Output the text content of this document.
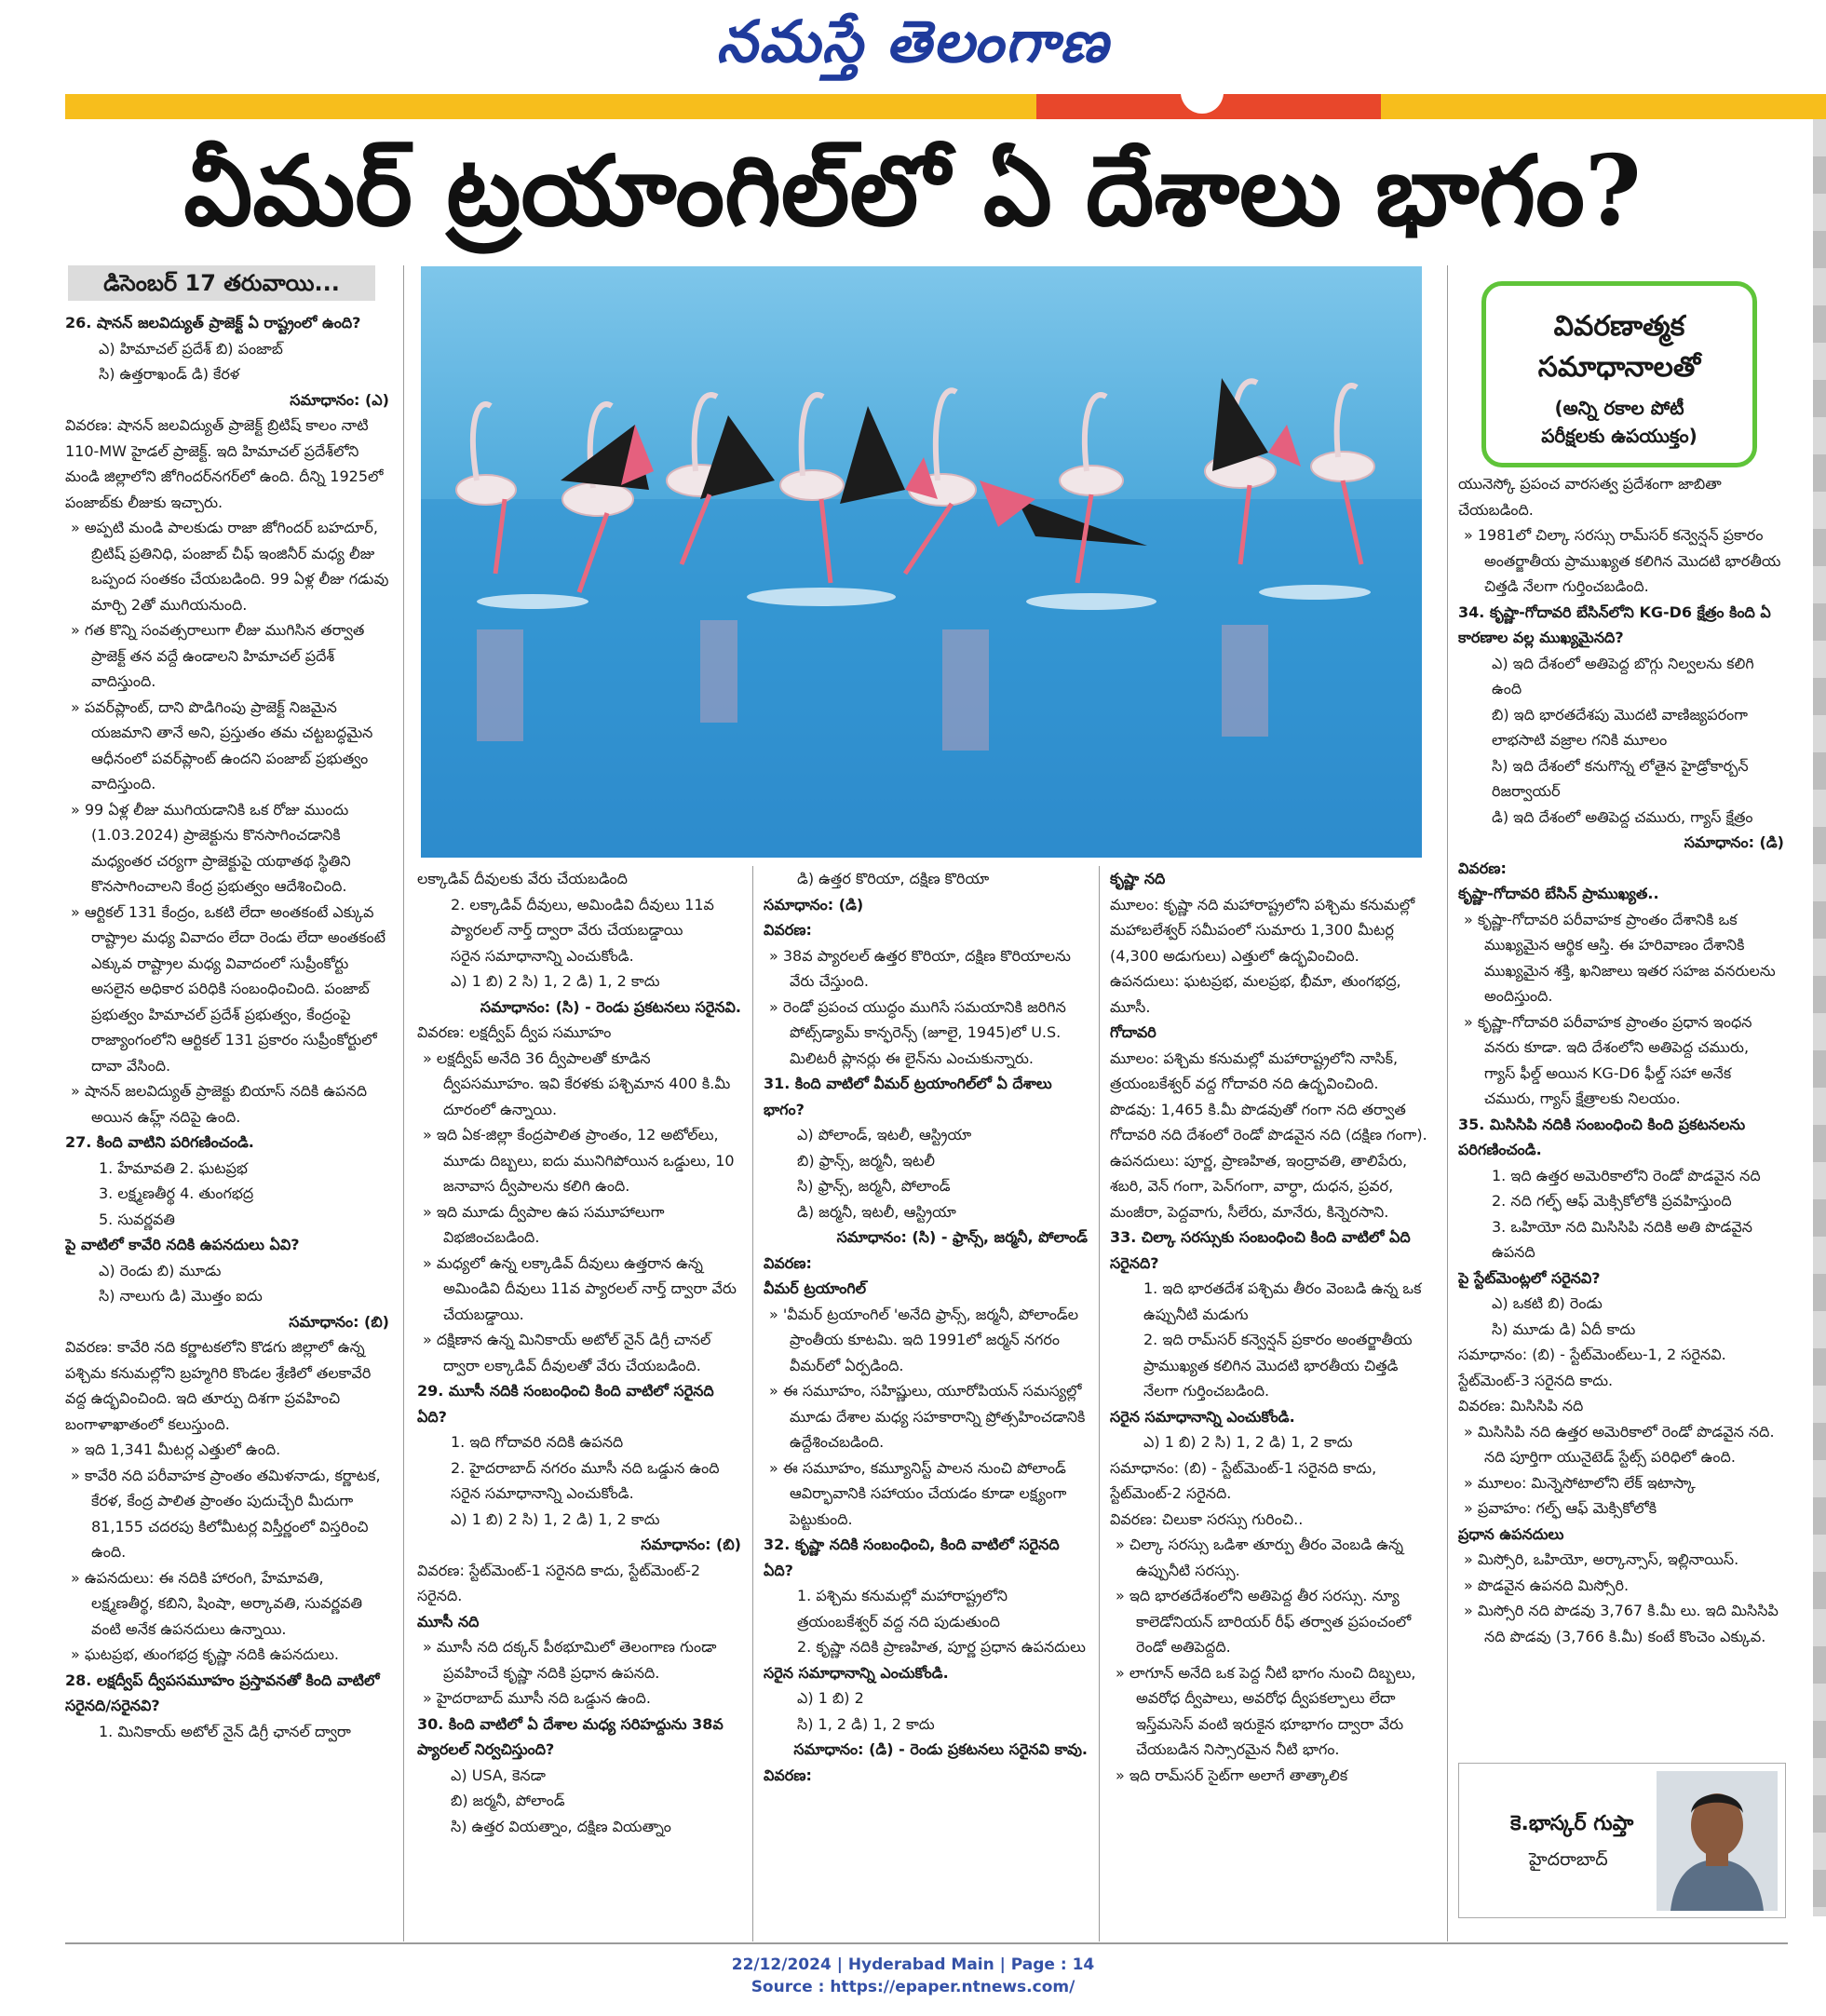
నమస్తే తెలంగాణ
వీమర్ ట్రయాంగిల్‌లో ఏ దేశాలు భాగం?
డిసెంబర్ 17 తరువాయి...
వివరణాత్మక
సమాధానాలతో
(అన్ని రకాల పోటీ
పరీక్షలకు ఉపయుక్తం)

26. షానన్ జలవిద్యుత్ ప్రాజెక్ట్ ఏ రాష్ట్రంలో ఉంది?

ఎ) హిమాచల్ ప్రదేశ్ బి) పంజాబ్

సి) ఉత్తరాఖండ్ డి) కేరళ

సమాధానం: (ఎ)

వివరణ: షానన్ జలవిద్యుత్ ప్రాజెక్ట్ బ్రిటిష్ కాలం నాటి 110-MW హైడల్ ప్రాజెక్ట్. ఇది హిమాచల్ ప్రదేశ్‌లోని మండి జిల్లాలోని జోగిందర్‌నగర్‌లో ఉంది. దీన్ని 1925లో పంజాబ్‌కు లీజుకు ఇచ్చారు.

» అప్పటి మండి పాలకుడు రాజా జోగిందర్ బహదూర్, బ్రిటిష్ ప్రతినిధి, పంజాబ్ చీఫ్ ఇంజినీర్ మధ్య లీజు ఒప్పంద సంతకం చేయబడింది. 99 ఏళ్ల లీజు గడువు మార్చి 2తో ముగియనుంది.

» గత కొన్ని సంవత్సరాలుగా లీజు ముగిసిన తర్వాత ప్రాజెక్ట్ తన వద్దే ఉండాలని హిమాచల్ ప్రదేశ్ వాదిస్తుంది.

» పవర్‌ప్లాంట్, దాని పొడిగింపు ప్రాజెక్ట్ నిజమైన యజమాని తానే అని, ప్రస్తుతం తమ చట్టబద్ధమైన ఆధీనంలో పవర్‌ప్లాంట్ ఉందని పంజాబ్ ప్రభుత్వం వాదిస్తుంది.

» 99 ఏళ్ల లీజు ముగియడానికి ఒక రోజు ముందు (1.03.2024) ప్రాజెక్టును కొనసాగించడానికి మధ్యంతర చర్యగా ప్రాజెక్టుపై యథాతథ స్థితిని కొనసాగించాలని కేంద్ర ప్రభుత్వం ఆదేశించింది.

» ఆర్టికల్ 131 కేంద్రం, ఒకటి లేదా అంతకంటే ఎక్కువ రాష్ట్రాల మధ్య వివాదం లేదా రెండు లేదా అంతకంటే ఎక్కువ రాష్ట్రాల మధ్య వివాదంలో సుప్రీంకోర్టు అసలైన అధికార పరిధికి సంబంధించింది. పంజాబ్ ప్రభుత్వం హిమాచల్ ప్రదేశ్ ప్రభుత్వం, కేంద్రంపై రాజ్యాంగంలోని ఆర్టికల్ 131 ప్రకారం సుప్రీంకోర్టులో దావా వేసింది.

» షానన్ జలవిద్యుత్ ప్రాజెక్టు బియాస్ నదికి ఉపనది అయిన ఉహ్ల్ నదిపై ఉంది.

27. కింది వాటిని పరిగణించండి.

1. హేమావతి 2. ఘటప్రభ

3. లక్ష్మణతీర్థ 4. తుంగభద్ర

5. సువర్ణవతి

పై వాటిలో కావేరి నదికి ఉపనదులు ఏవి?

ఎ) రెండు బి) మూడు

సి) నాలుగు డి) మొత్తం ఐదు

సమాధానం: (బి)

వివరణ: కావేరి నది కర్ణాటకలోని కొడగు జిల్లాలో ఉన్న పశ్చిమ కనుమల్లోని బ్రహ్మగిరి కొండల శ్రేణిలో తలకావేరి వద్ద ఉద్భవించింది. ఇది తూర్పు దిశగా ప్రవహించి బంగాళాఖాతంలో కలుస్తుంది.

» ఇది 1,341 మీటర్ల ఎత్తులో ఉంది.

» కావేరి నది పరీవాహక ప్రాంతం తమిళనాడు, కర్ణాటక, కేరళ, కేంద్ర పాలిత ప్రాంతం పుదుచ్చేరి మీదుగా 81,155 చదరపు కిలోమీటర్ల విస్తీర్ణంలో విస్తరించి ఉంది.

» ఉపనదులు: ఈ నదికి హారంగి, హేమావతి, లక్ష్మణతీర్థ, కబిని, షింషా, అర్కావతి, సువర్ణవతి వంటి అనేక ఉపనదులు ఉన్నాయి.

» ఘటప్రభ, తుంగభద్ర కృష్ణా నదికి ఉపనదులు.

28. లక్షద్వీప్ ద్వీపసమూహం ప్రస్తావనతో కింది వాటిలో సరైనది/సరైనవి?

1. మినికాయ్ అటోల్ నైన్ డిగ్రీ ఛానల్ ద్వారా

లక్కాడివ్ దీవులకు వేరు చేయబడింది

2. లక్కాడివ్ దీవులు, అమిండివి దీవులు 11వ ప్యారలల్ నార్త్ ద్వారా వేరు చేయబడ్డాయి

సరైన సమాధానాన్ని ఎంచుకోండి.

ఎ) 1 బి) 2 సి) 1, 2 డి) 1, 2 కాదు

సమాధానం: (సి) - రెండు ప్రకటనలు సరైనవి.

వివరణ: లక్షద్వీప్ ద్వీప సమూహం

» లక్షద్వీప్ అనేది 36 ద్వీపాలతో కూడిన ద్వీపసమూహం. ఇవి కేరళకు పశ్చిమాన 400 కి.మీ దూరంలో ఉన్నాయి.

» ఇది ఏక-జిల్లా కేంద్రపాలిత ప్రాంతం, 12 అటోల్‌లు, మూడు దిబ్బలు, ఐదు మునిగిపోయిన ఒడ్డులు, 10 జనావాస ద్వీపాలను కలిగి ఉంది.

» ఇది మూడు ద్వీపాల ఉప సమూహాలుగా విభజించబడింది.

» మధ్యలో ఉన్న లక్కాడివ్ దీవులు ఉత్తరాన ఉన్న అమిండివి దీవులు 11వ ప్యారలల్ నార్త్ ద్వారా వేరు చేయబడ్డాయి.

» దక్షిణాన ఉన్న మినికాయ్ అటోల్ నైన్ డిగ్రీ చానల్ ద్వారా లక్కాడివ్ దీవులతో వేరు చేయబడింది.

29. మూసీ నదికి సంబంధించి కింది వాటిలో సరైనది ఏది?

1. ఇది గోదావరి నదికి ఉపనది

2. హైదరాబాద్ నగరం మూసీ నది ఒడ్డున ఉంది సరైన సమాధానాన్ని ఎంచుకోండి.

ఎ) 1 బి) 2 సి) 1, 2 డి) 1, 2 కాదు

సమాధానం: (బి)

వివరణ: స్టేట్‌మెంట్-1 సరైనది కాదు, స్టేట్‌మెంట్-2 సరైనది.

మూసీ నది

» మూసీ నది దక్కన్ పీఠభూమిలో తెలంగాణ గుండా ప్రవహించే కృష్ణా నదికి ప్రధాన ఉపనది.

» హైదరాబాద్ మూసీ నది ఒడ్డున ఉంది.

30. కింది వాటిలో ఏ దేశాల మధ్య సరిహద్దును 38వ ప్యారలల్ నిర్వచిస్తుంది?

ఎ) USA, కెనడా

బి) జర్మనీ, పోలాండ్

సి) ఉత్తర వియత్నాం, దక్షిణ వియత్నాం

డి) ఉత్తర కొరియా, దక్షిణ కొరియా

సమాధానం: (డి)

వివరణ:

» 38వ ప్యారలల్ ఉత్తర కొరియా, దక్షిణ కొరియాలను వేరు చేస్తుంది.

» రెండో ప్రపంచ యుద్ధం ముగిసే సమయానికి జరిగిన పోట్స్‌డ్యామ్ కాన్ఫరెన్స్ (జూలై, 1945)లో U.S. మిలిటరీ ప్లానర్లు ఈ లైన్‌ను ఎంచుకున్నారు.

31. కింది వాటిలో వీమర్ ట్రయాంగిల్‌లో ఏ దేశాలు భాగం?

ఎ) పోలాండ్, ఇటలీ, ఆస్ట్రియా

బి) ఫ్రాన్స్, జర్మనీ, ఇటలీ

సి) ఫ్రాన్స్, జర్మనీ, పోలాండ్

డి) జర్మనీ, ఇటలీ, ఆస్ట్రియా

సమాధానం: (సి) - ఫ్రాన్స్, జర్మనీ, పోలాండ్

వివరణ:

వీమర్ ట్రయాంగిల్

» 'వీమర్ ట్రయాంగిల్ 'అనేది ఫ్రాన్స్, జర్మనీ, పోలాండ్‌ల ప్రాంతీయ కూటమి. ఇది 1991లో జర్మన్ నగరం వీమర్‌లో ఏర్పడింది.

» ఈ సమూహం, సహిష్ణులు, యూరోపియన్ సమస్యల్లో మూడు దేశాల మధ్య సహకారాన్ని ప్రోత్సహించడానికి ఉద్దేశించబడింది.

» ఈ సమూహం, కమ్యూనిస్ట్ పాలన నుంచి పోలాండ్ ఆవిర్భావానికి సహాయం చేయడం కూడా లక్ష్యంగా పెట్టుకుంది.

32. కృష్ణా నదికి సంబంధించి, కింది వాటిలో సరైనది ఏది?

1. పశ్చిమ కనుమల్లో మహారాష్ట్రలోని త్రయంబకేశ్వర్ వద్ద నది పుడుతుంది

2. కృష్ణా నదికి ప్రాణహిత, పూర్ణ ప్రధాన ఉపనదులు

సరైన సమాధానాన్ని ఎంచుకోండి.

ఎ) 1 బి) 2

సి) 1, 2 డి) 1, 2 కాదు

సమాధానం: (డి) - రెండు ప్రకటనలు సరైనవి కావు.

వివరణ:

కృష్ణా నది

మూలం: కృష్ణా నది మహారాష్ట్రలోని పశ్చిమ కనుమల్లో మహాబలేశ్వర్ సమీపంలో సుమారు 1,300 మీటర్ల (4,300 అడుగులు) ఎత్తులో ఉద్భవించింది.

ఉపనదులు: ఘటప్రభ, మలప్రభ, భీమా, తుంగభద్ర, మూసీ.

గోదావరి

మూలం: పశ్చిమ కనుమల్లో మహారాష్ట్రలోని నాసిక్, త్రయంబకేశ్వర్ వద్ద గోదావరి నది ఉద్భవించింది.

పొడవు: 1,465 కి.మీ పొడవుతో గంగా నది తర్వాత గోదావరి నది దేశంలో రెండో పొడవైన నది (దక్షిణ గంగా).

ఉపనదులు: పూర్ణ, ప్రాణహిత, ఇంద్రావతి, తాలిపేరు, శబరి, వెన్ గంగా, పెన్‌గంగా, వార్ధా, దుధన, ప్రవర, మంజీరా, పెద్దవాగు, సీలేరు, మానేరు, కిన్నెరసాని.

33. చిల్కా సరస్సుకు సంబంధించి కింది వాటిలో ఏది సరైనది?

1. ఇది భారతదేశ పశ్చిమ తీరం వెంబడి ఉన్న ఒక ఉప్పునీటి మడుగు

2. ఇది రామ్‌సర్ కన్వెన్షన్ ప్రకారం అంతర్జాతీయ ప్రాముఖ్యత కలిగిన మొదటి భారతీయ చిత్తడి నేలగా గుర్తించబడింది.

సరైన సమాధానాన్ని ఎంచుకోండి.

ఎ) 1 బి) 2 సి) 1, 2 డి) 1, 2 కాదు

సమాధానం: (బి) - స్టేట్‌మెంట్-1 సరైనది కాదు, స్టేట్‌మెంట్-2 సరైనది.

వివరణ: చిలుకా సరస్సు గురించి..

» చిల్కా సరస్సు ఒడిశా తూర్పు తీరం వెంబడి ఉన్న ఉప్పునీటి సరస్సు.

» ఇది భారతదేశంలోని అతిపెద్ద తీర సరస్సు. న్యూ కాలెడోనియన్ బారియర్ రీఫ్ తర్వాత ప్రపంచంలో రెండో అతిపెద్దది.

» లాగూన్ అనేది ఒక పెద్ద నీటి భాగం నుంచి దిబ్బలు, అవరోధ ద్వీపాలు, అవరోధ ద్వీపకల్పాలు లేదా ఇస్త్‌మసెస్ వంటి ఇరుకైన భూభాగం ద్వారా వేరు చేయబడిన నిస్సారమైన నీటి భాగం.

» ఇది రామ్‌సర్ సైట్‌గా అలాగే తాత్కాలిక

యునెస్కో ప్రపంచ వారసత్వ ప్రదేశంగా జాబితా చేయబడింది.

» 1981లో చిల్కా సరస్సు రామ్‌సర్ కన్వెన్షన్ ప్రకారం అంతర్జాతీయ ప్రాముఖ్యత కలిగిన మొదటి భారతీయ చిత్తడి నేలగా గుర్తించబడింది.

34. కృష్ణా-గోదావరి బేసిన్‌లోని KG-D6 క్షేత్రం కింది ఏ కారణాల వల్ల ముఖ్యమైనది?

ఎ) ఇది దేశంలో అతిపెద్ద బొగ్గు నిల్వలను కలిగి ఉంది

బి) ఇది భారతదేశపు మొదటి వాణిజ్యపరంగా లాభసాటి వజ్రాల గనికి మూలం

సి) ఇది దేశంలో కనుగొన్న లోతైన హైడ్రోకార్బన్ రిజర్వాయర్

డి) ఇది దేశంలో అతిపెద్ద చమురు, గ్యాస్ క్షేత్రం

సమాధానం: (డి)

వివరణ:

కృష్ణా-గోదావరి బేసిన్ ప్రాముఖ్యత..

» కృష్ణా-గోదావరి పరీవాహక ప్రాంతం దేశానికి ఒక ముఖ్యమైన ఆర్థిక ఆస్తి. ఈ హరివాణం దేశానికి ముఖ్యమైన శక్తి, ఖనిజాలు ఇతర సహజ వనరులను అందిస్తుంది.

» కృష్ణా-గోదావరి పరీవాహక ప్రాంతం ప్రధాన ఇంధన వనరు కూడా. ఇది దేశంలోని అతిపెద్ద చమురు, గ్యాస్ ఫీల్డ్ అయిన KG-D6 ఫీల్డ్ సహా అనేక చమురు, గ్యాస్ క్షేత్రాలకు నిలయం.

35. మిసిసిపి నదికి సంబంధించి కింది ప్రకటనలను పరిగణించండి.

1. ఇది ఉత్తర అమెరికాలోని రెండో పొడవైన నది

2. నది గల్ఫ్ ఆఫ్ మెక్సికోలోకి ప్రవహిస్తుంది

3. ఒహియో నది మిసిసిపి నదికి అతి పొడవైన ఉపనది

పై స్టేట్‌మెంట్లలో సరైనవి?

ఎ) ఒకటి బి) రెండు

సి) మూడు డి) ఏదీ కాదు

సమాధానం: (బి) - స్టేట్‌మెంట్‌లు-1, 2 సరైనవి. స్టేట్‌మెంట్-3 సరైనది కాదు.

వివరణ: మిసిసిపి నది

» మిసిసిపి నది ఉత్తర అమెరికాలో రెండో పొడవైన నది. నది పూర్తిగా యునైటెడ్ స్టేట్స్ పరిధిలో ఉంది.

» మూలం: మిన్నెసోటాలోని లేక్ ఇటాస్కా

» ప్రవాహం: గల్ఫ్ ఆఫ్ మెక్సికోలోకి

ప్రధాన ఉపనదులు

» మిస్సోరి, ఒహియో, అర్కాన్సాస్, ఇల్లినాయిస్.

» పొడవైన ఉపనది మిస్సోరి.

» మిస్సోరి నది పొడవు 3,767 కి.మీ లు. ఇది మిసిసిపి నది పొడవు (3,766 కి.మీ) కంటే కొంచెం ఎక్కువ.

కె.భాస్కర్ గుప్తా
హైదరాబాద్
22/12/2024 | Hyderabad Main | Page : 14
Source : https://epaper.ntnews.com/
